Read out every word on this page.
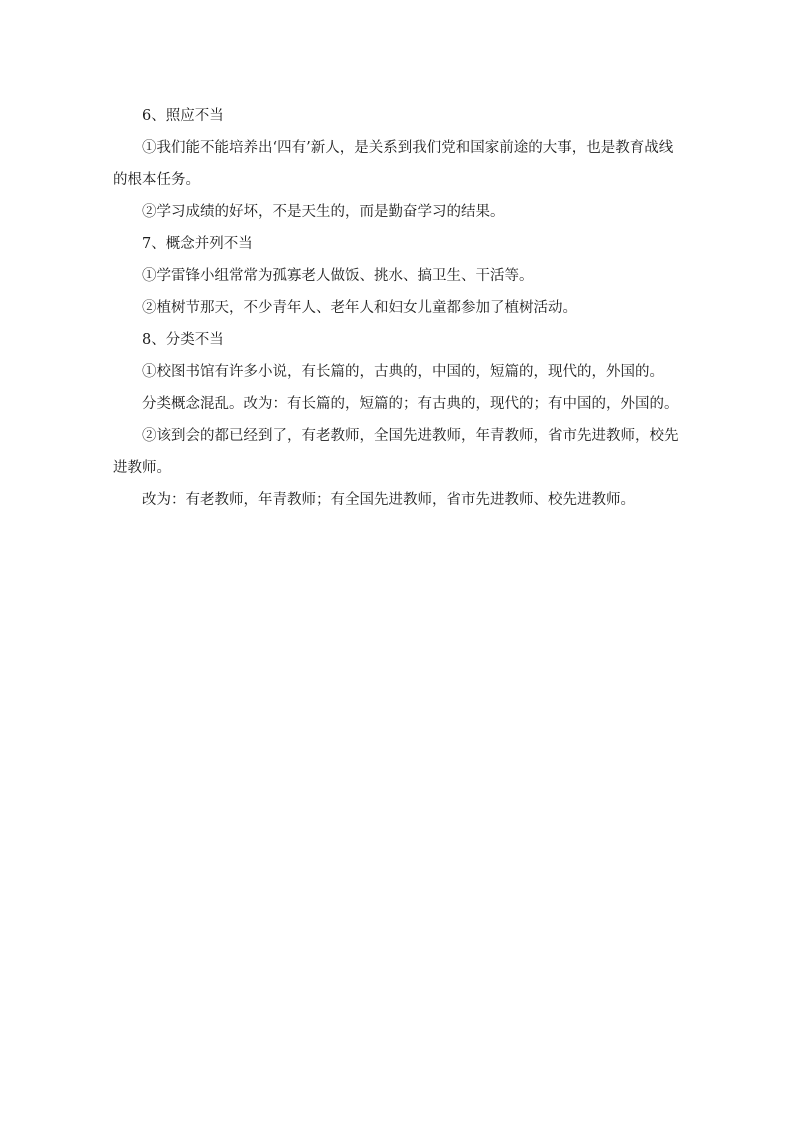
6、照应不当

①我们能不能培养出‘四有’新人，是关系到我们党和国家前途的大事，也是教育战线的根本任务。

②学习成绩的好坏，不是天生的，而是勤奋学习的结果。

7、概念并列不当

①学雷锋小组常常为孤寡老人做饭、挑水、搞卫生、干活等。

②植树节那天，不少青年人、老年人和妇女儿童都参加了植树活动。

8、分类不当

①校图书馆有许多小说，有长篇的，古典的，中国的，短篇的，现代的，外国的。

分类概念混乱。改为：有长篇的，短篇的；有古典的，现代的；有中国的，外国的。

②该到会的都已经到了，有老教师，全国先进教师，年青教师，省市先进教师，校先进教师。

改为：有老教师，年青教师；有全国先进教师，省市先进教师、校先进教师。
